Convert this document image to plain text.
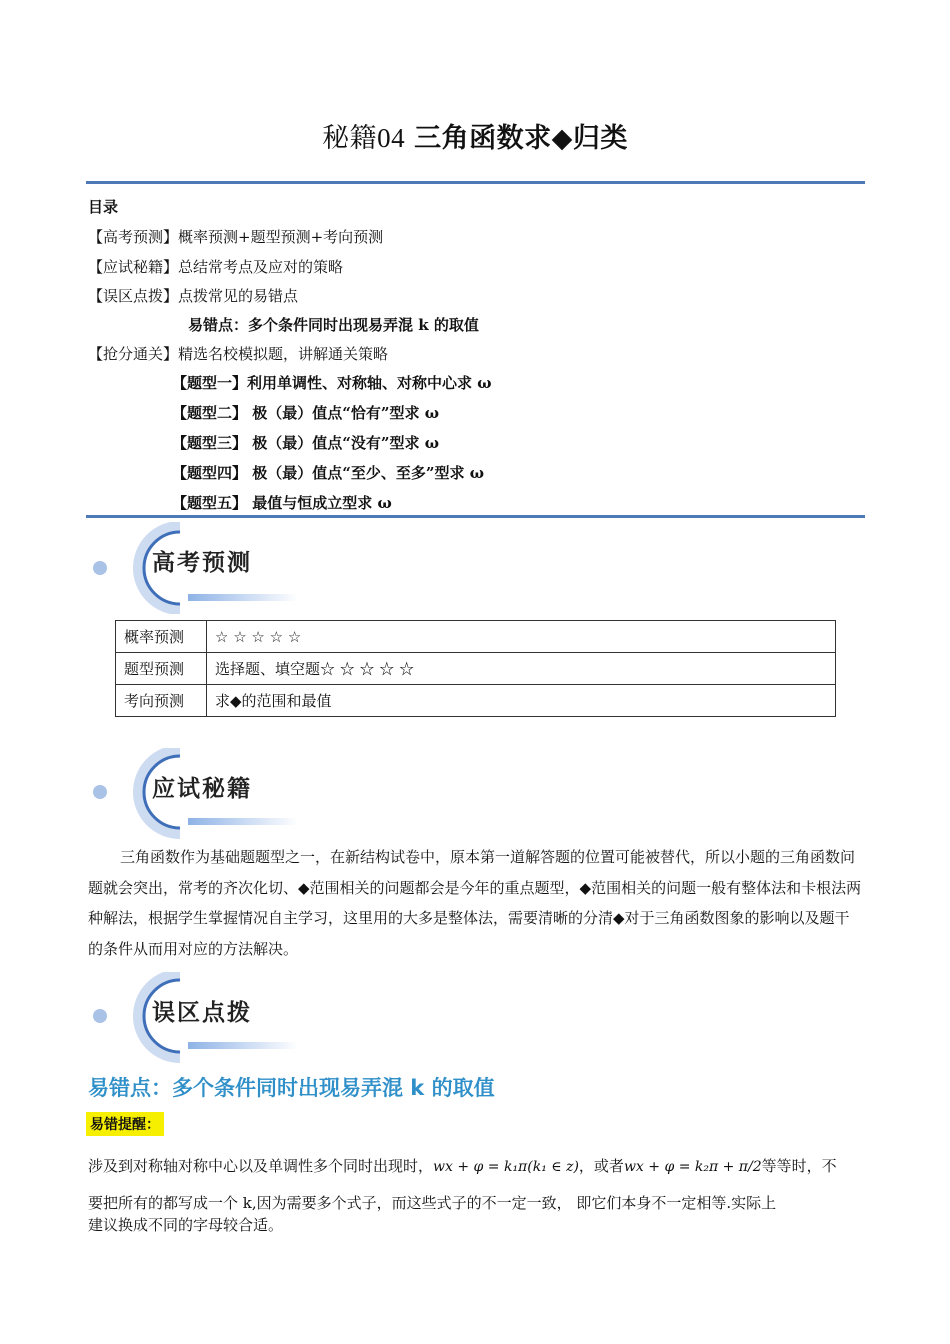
秘籍04 三角函数求◆归类
目录
【高考预测】概率预测+题型预测+考向预测
【应试秘籍】总结常考点及应对的策略
【误区点拨】点拨常见的易错点
易错点：多个条件同时出现易弄混 k 的取值
【抢分通关】精选名校模拟题，讲解通关策略
【题型一】利用单调性、对称轴、对称中心求 ω
【题型二】 极（最）值点“恰有”型求 ω
【题型三】 极（最）值点“没有”型求 ω
【题型四】 极（最）值点“至少、至多”型求 ω
【题型五】 最值与恒成立型求 ω
高考预测
概率预测	☆ ☆ ☆ ☆ ☆
题型预测	选择题、填空题☆ ☆ ☆ ☆ ☆
考向预测	求◆的范围和最值
应试秘籍
三角函数作为基础题题型之一，在新结构试卷中，原本第一道解答题的位置可能被替代，所以小题的三角函数问题就会突出，常考的齐次化切、◆范围相关的问题都会是今年的重点题型，◆范围相关的问题一般有整体法和卡根法两种解法，根据学生掌握情况自主学习，这里用的大多是整体法，需要清晰的分清◆对于三角函数图象的影响以及题干的条件从而用对应的方法解决。
误区点拨
易错点：多个条件同时出现易弄混 k 的取值
易错提醒：
涉及到对称轴对称中心以及单调性多个同时出现时，wx + φ = k₁π(k₁ ∈ z)，或者wx + φ = k₂π + π/2等等时，不
要把所有的都写成一个 k,因为需要多个式子，而这些式子的不一定一致， 即它们本身不一定相等.实际上
建议换成不同的字母较合适。
